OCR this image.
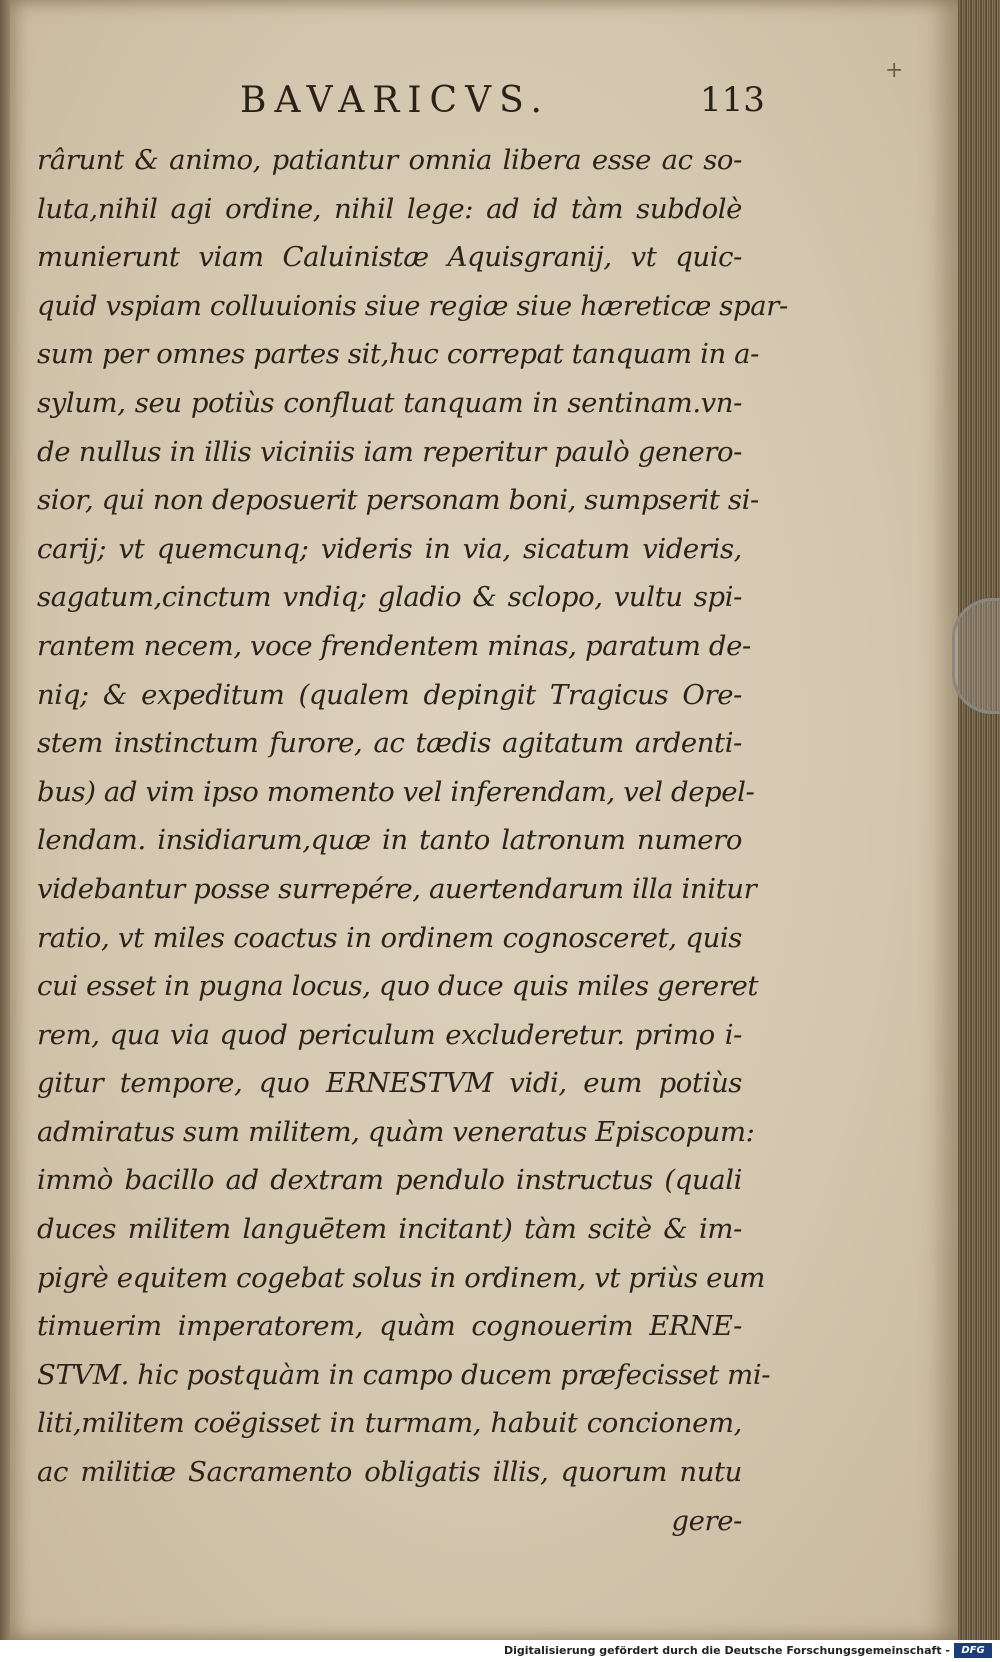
+
BAVARICVS.	113
rârunt & animo, patiantur omnia libera esse ac so-
luta,nihil agi ordine, nihil lege: ad id tàm subdolè
munierunt viam Caluinistæ Aquisgranij, vt quic-
quid vspiam colluuionis siue regiæ siue hæreticæ spar-
sum per omnes partes sit,huc correpat tanquam in a-
sylum, seu potiùs confluat tanquam in sentinam.vn-
de nullus in illis viciniis iam reperitur paulò genero-
sior, qui non deposuerit personam boni, sumpserit si-
carij; vt quemcunq; videris in via, sicatum videris,
sagatum,cinctum vndiq; gladio & sclopo, vultu spi-
rantem necem, voce frendentem minas, paratum de-
niq; & expeditum (qualem depingit Tragicus Ore-
stem instinctum furore, ac tædis agitatum ardenti-
bus) ad vim ipso momento vel inferendam, vel depel-
lendam. insidiarum,quæ in tanto latronum numero
videbantur posse surrepére, auertendarum illa initur
ratio, vt miles coactus in ordinem cognosceret, quis
cui esset in pugna locus, quo duce quis miles gereret
rem, qua via quod periculum excluderetur. primo i-
gitur tempore, quo ERNESTVM vidi, eum potiùs
admiratus sum militem, quàm veneratus Episcopum:
immò bacillo ad dextram pendulo instructus (quali
duces militem languētem incitant) tàm scitè & im-
pigrè equitem cogebat solus in ordinem, vt priùs eum
timuerim imperatorem, quàm cognouerim ERNE-
STVM. hic postquàm in campo ducem præfecisset mi-
liti,militem coëgisset in turmam, habuit concionem,
ac militiæ Sacramento obligatis illis, quorum nutu
gere-
Digitalisierung gefördert durch die Deutsche Forschungsgemeinschaft -	DFG
